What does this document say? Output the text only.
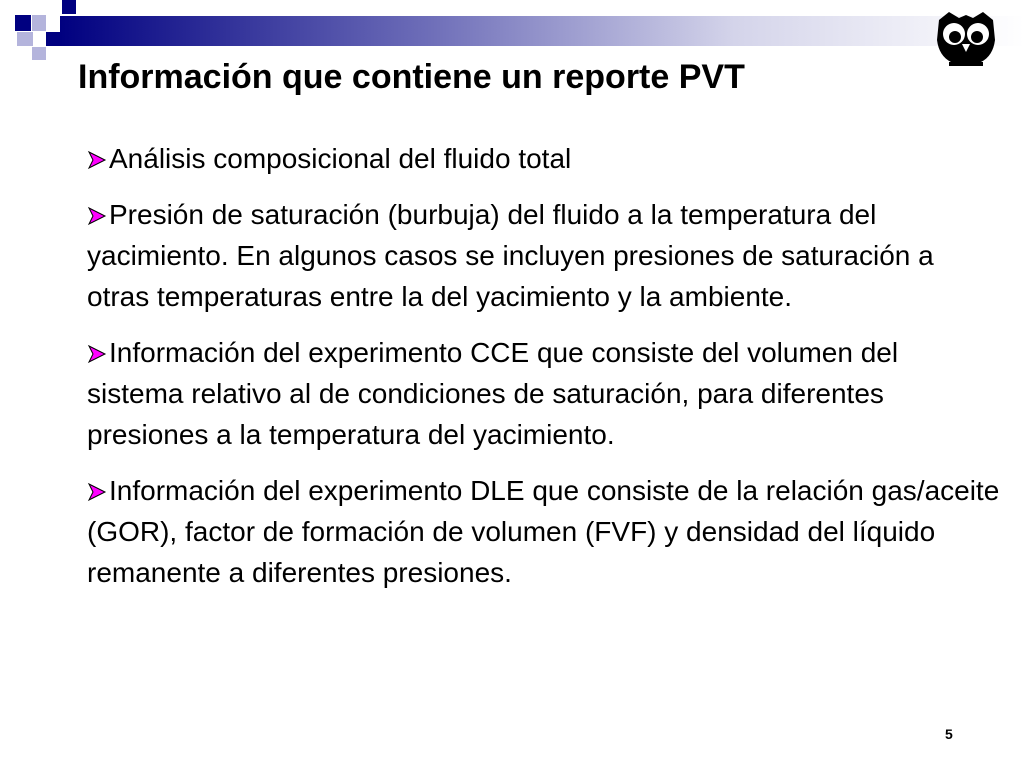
Información que contiene un reporte PVT
Análisis composicional del fluido total
Presión de saturación (burbuja) del fluido a la temperatura del yacimiento. En algunos casos se incluyen presiones de saturación a otras temperaturas entre la del yacimiento y la ambiente.
Información del experimento CCE que consiste del volumen del sistema relativo al de condiciones de saturación, para diferentes presiones a la temperatura del yacimiento.
Información del experimento DLE que consiste de la relación gas/aceite (GOR), factor de formación de volumen (FVF) y densidad del líquido remanente a diferentes presiones.
5
